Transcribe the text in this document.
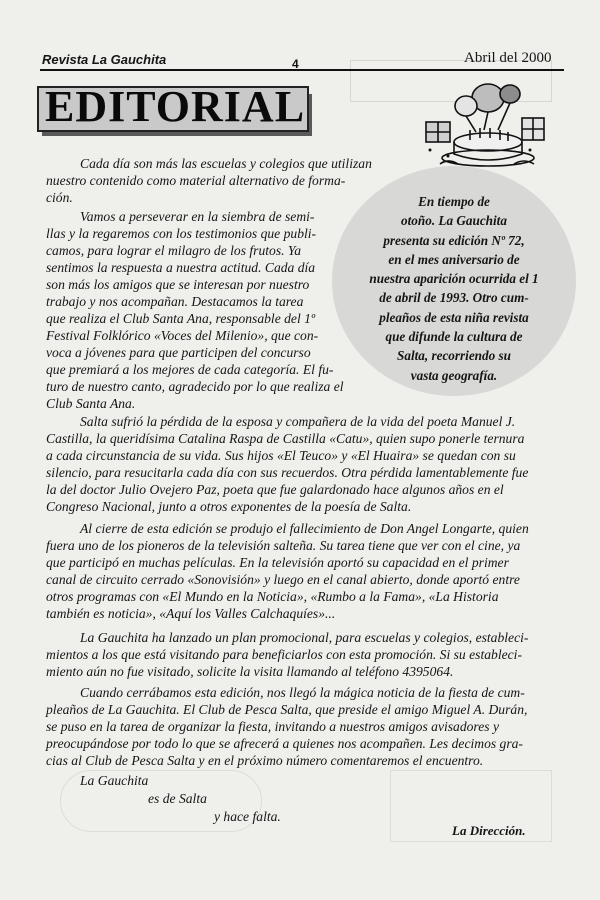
Revista La Gauchita	4	Abril del 2000
EDITORIAL
En tiempo de
otoño. La Gauchita
presenta su edición Nº 72,
en el mes aniversario de
nuestra aparición ocurrida el 1
de abril de 1993. Otro cum-
pleaños de esta niña revista
que difunde la cultura de
Salta, recorriendo su
vasta geografía.
Cada día son más las escuelas y colegios que utilizan
nuestro contenido como material alternativo de forma-
ción.
Vamos a perseverar en la siembra de semi-
llas y la regaremos con los testimonios que publi-
camos, para lograr el milagro de los frutos. Ya
sentimos la respuesta a nuestra actitud. Cada día
son más los amigos que se interesan por nuestro
trabajo y nos acompañan. Destacamos la tarea
que realiza el Club Santa Ana, responsable del 1º
Festival Folklórico «Voces del Milenio», que con-
voca a jóvenes para que participen del concurso
que premiará a los mejores de cada categoría. El fu-
turo de nuestro canto, agradecido por lo que realiza el
Club Santa Ana.
Salta sufrió la pérdida de la esposa y compañera de la vida del poeta Manuel J.
Castilla, la queridísima Catalina Raspa de Castilla «Catu», quien supo ponerle ternura
a cada circunstancia de su vida. Sus hijos «El Teuco» y «El Huaira» se quedan con su
silencio, para resucitarla cada día con sus recuerdos. Otra pérdida lamentablemente fue
la del doctor Julio Ovejero Paz, poeta que fue galardonado hace algunos años en el
Congreso Nacional, junto a otros exponentes de la poesía de Salta.
Al cierre de esta edición se produjo el fallecimiento de Don Angel Longarte, quien
fuera uno de los pioneros de la televisión salteña. Su tarea tiene que ver con el cine, ya
que participó en muchas películas. En la televisión aportó su capacidad en el primer
canal de circuito cerrado «Sonovisión» y luego en el canal abierto, donde aportó entre
otros programas con «El Mundo en la Noticia», «Rumbo a la Fama», «La Historia
también es noticia», «Aquí los Valles Calchaquíes»...
La Gauchita ha lanzado un plan promocional, para escuelas y colegios, estableci-
mientos a los que está visitando para beneficiarlos con esta promoción. Si su estableci-
miento aún no fue visitado, solicite la visita llamando al teléfono 4395064.
Cuando cerrábamos esta edición, nos llegó la mágica noticia de la fiesta de cum-
pleaños de La Gauchita. El Club de Pesca Salta, que preside el amigo Miguel A. Durán,
se puso en la tarea de organizar la fiesta, invitando a nuestros amigos avisadores y
preocupándose por todo lo que se afrecerá a quienes nos acompañen. Les decimos gra-
cias al Club de Pesca Salta y en el próximo número comentaremos el encuentro.
La Gauchita
es de Salta
y hace falta.
La Dirección.
